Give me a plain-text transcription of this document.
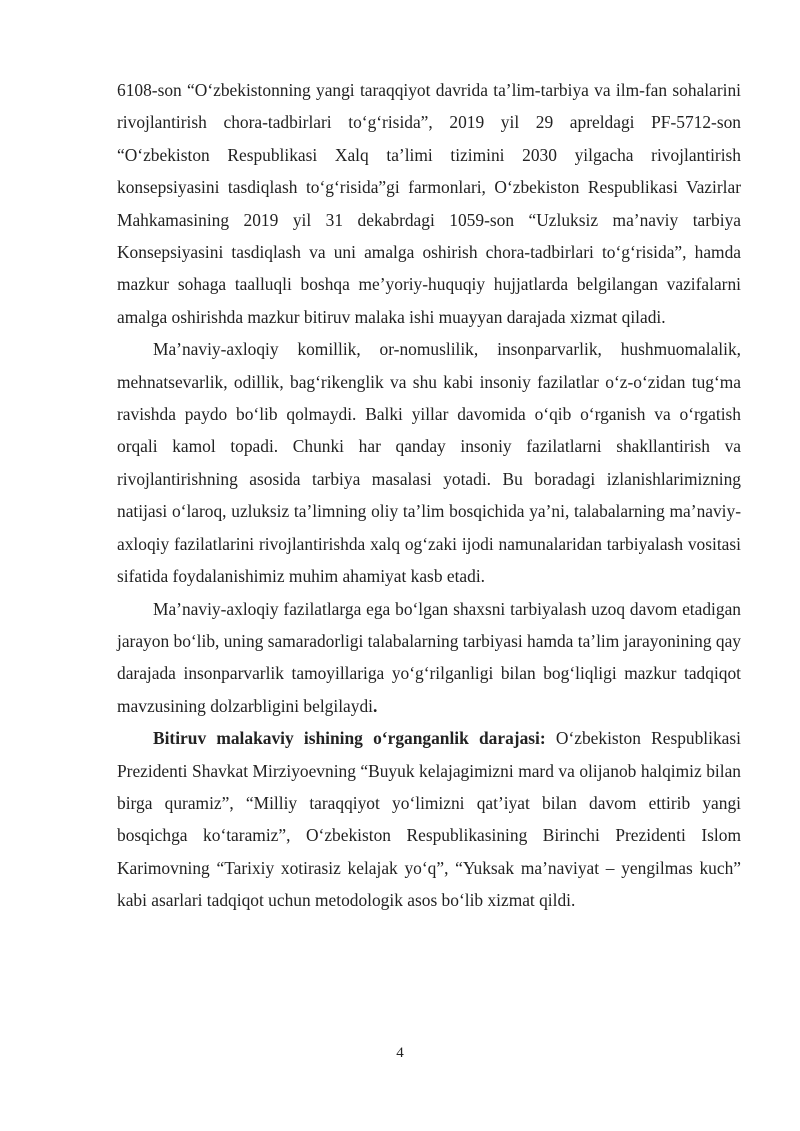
6108-son “O‘zbekistonning yangi taraqqiyot davrida ta’lim-tarbiya va ilm-fan sohalarini rivojlantirish chora-tadbirlari to‘g‘risida”, 2019 yil 29 apreldagi PF-5712-son “O‘zbekiston Respublikasi Xalq ta’limi tizimini 2030 yilgacha rivojlantirish konsepsiyasini tasdiqlash to‘g‘risida”gi farmonlari, O‘zbekiston Respublikasi Vazirlar Mahkamasining 2019 yil 31 dekabrdagi 1059-son “Uzluksiz ma’naviy tarbiya Konsepsiyasini tasdiqlash va uni amalga oshirish chora-tadbirlari to‘g‘risida”, hamda mazkur sohaga taalluqli boshqa me’yoriy-huquqiy hujjatlarda belgilangan vazifalarni amalga oshirishda mazkur bitiruv malaka ishi muayyan darajada xizmat qiladi.

Ma’naviy-axloqiy komillik, or-nomuslilik, insonparvarlik, hushmuomalalik, mehnatsevarlik, odillik, bag‘rikenglik va shu kabi insoniy fazilatlar o‘z-o‘zidan tug‘ma ravishda paydo bo‘lib qolmaydi. Balki yillar davomida o‘qib o‘rganish va o‘rgatish orqali kamol topadi. Chunki har qanday insoniy fazilatlarni shakllantirish va rivojlantirishning asosida tarbiya masalasi yotadi. Bu boradagi izlanishlarimizning natijasi o‘laroq, uzluksiz ta’limning oliy ta’lim bosqichida ya’ni, talabalarning ma’naviy-axloqiy fazilatlarini rivojlantirishda xalq og‘zaki ijodi namunalaridan tarbiyalash vositasi sifatida foydalanishimiz muhim ahamiyat kasb etadi.

Ma’naviy-axloqiy fazilatlarga ega bo‘lgan shaxsni tarbiyalash uzoq davom etadigan jarayon bo‘lib, uning samaradorligi talabalarning tarbiyasi hamda ta’lim jarayonining qay darajada insonparvarlik tamoyillariga yo‘g‘rilganligi bilan bog‘liqligi mazkur tadqiqot mavzusining dolzarbligini belgilaydi.

Bitiruv malakaviy ishining o‘rganganlik darajasi: O‘zbekiston Respublikasi Prezidenti Shavkat Mirziyoevning “Buyuk kelajagimizni mard va olijanob halqimiz bilan birga quramiz”, “Milliy taraqqiyot yo‘limizni qat’iyat bilan davom ettirib yangi bosqichga ko‘taramiz”, O‘zbekiston Respublikasining Birinchi Prezidenti Islom Karimovning “Tarixiy xotirasiz kelajak yo‘q”, “Yuksak ma’naviyat – yengilmas kuch” kabi asarlari tadqiqot uchun metodologik asos bo‘lib xizmat qildi.

4
